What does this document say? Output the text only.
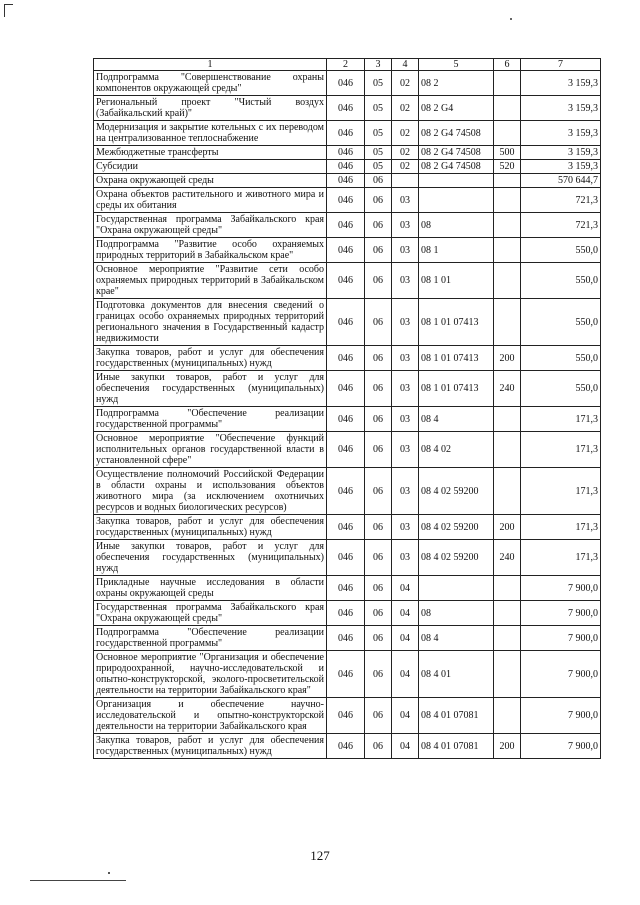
1	2	3	4	5	6	7
Подпрограмма "Совершенствование охраны компонентов окружающей среды"	046	05	02	08 2		3 159,3
Региональный проект "Чистый воздух (Забайкальский край)"	046	05	02	08 2 G4		3 159,3
Модернизация и закрытие котельных с их переводом на централизованное теплоснабжение	046	05	02	08 2 G4 74508		3 159,3
Межбюджетные трансферты	046	05	02	08 2 G4 74508	500	3 159,3
Субсидии	046	05	02	08 2 G4 74508	520	3 159,3
Охрана окружающей среды	046	06				570 644,7
Охрана объектов растительного и животного мира и среды их обитания	046	06	03			721,3
Государственная программа Забайкальского края "Охрана окружающей среды"	046	06	03	08		721,3
Подпрограмма "Развитие особо охраняемых природных территорий в Забайкальском крае"	046	06	03	08 1		550,0
Основное мероприятие "Развитие сети особо охраняемых природных территорий в Забайкальском крае"	046	06	03	08 1 01		550,0
Подготовка документов для внесения сведений о границах особо охраняемых природных территорий регионального значения в Государственный кадастр недвижимости	046	06	03	08 1 01 07413		550,0
Закупка товаров, работ и услуг для обеспечения государственных (муниципальных) нужд	046	06	03	08 1 01 07413	200	550,0
Иные закупки товаров, работ и услуг для обеспечения государственных (муниципальных) нужд	046	06	03	08 1 01 07413	240	550,0
Подпрограмма "Обеспечение реализации государственной программы"	046	06	03	08 4		171,3
Основное мероприятие "Обеспечение функций исполнительных органов государственной власти в установленной сфере"	046	06	03	08 4 02		171,3
Осуществление полномочий Российской Федерации в области охраны и использования объектов животного мира (за исключением охотничьих ресурсов и водных биологических ресурсов)	046	06	03	08 4 02 59200		171,3
Закупка товаров, работ и услуг для обеспечения государственных (муниципальных) нужд	046	06	03	08 4 02 59200	200	171,3
Иные закупки товаров, работ и услуг для обеспечения государственных (муниципальных) нужд	046	06	03	08 4 02 59200	240	171,3
Прикладные научные исследования в области охраны окружающей среды	046	06	04			7 900,0
Государственная программа Забайкальского края "Охрана окружающей среды"	046	06	04	08		7 900,0
Подпрограмма "Обеспечение реализации государственной программы"	046	06	04	08 4		7 900,0
Основное мероприятие "Организация и обеспечение природоохранной, научно-исследовательской и опытно-конструкторской, эколого-просветительской деятельности на территории Забайкальского края"	046	06	04	08 4 01		7 900,0
Организация и обеспечение научно-исследовательской и опытно-конструкторской деятельности на территории Забайкальского края	046	06	04	08 4 01 07081		7 900,0
Закупка товаров, работ и услуг для обеспечения государственных (муниципальных) нужд	046	06	04	08 4 01 07081	200	7 900,0
127
